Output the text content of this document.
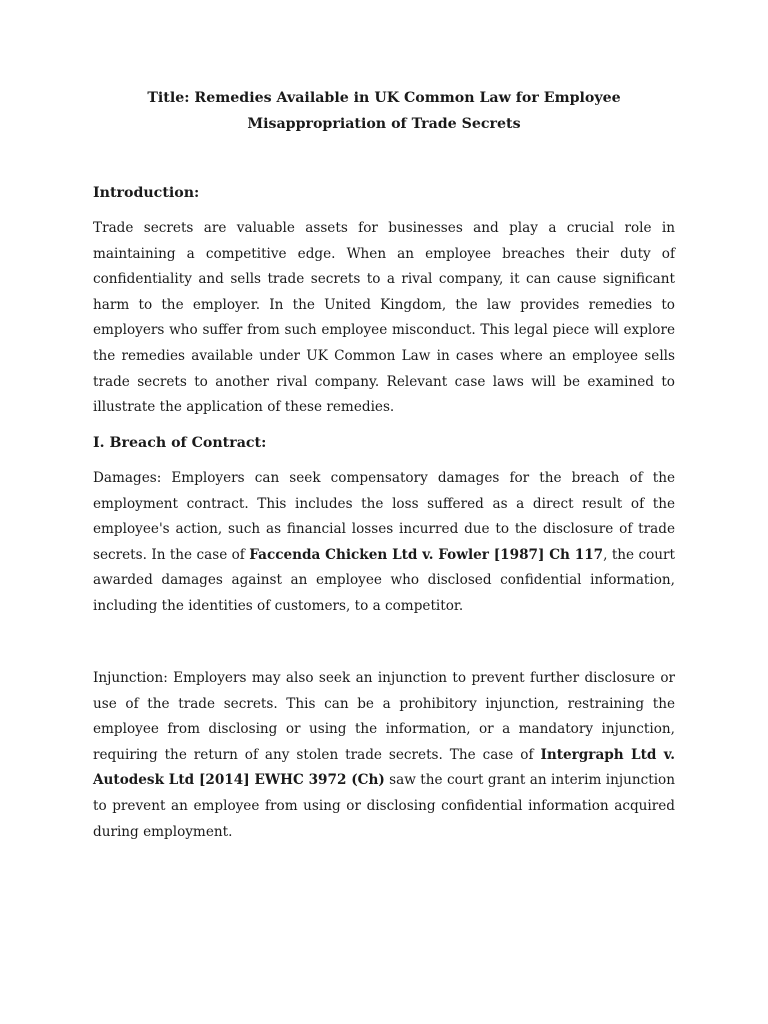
Title: Remedies Available in UK Common Law for Employee
Misappropriation of Trade Secrets
Introduction:
Trade secrets are valuable assets for businesses and play a crucial role in maintaining a competitive edge. When an employee breaches their duty of confidentiality and sells trade secrets to a rival company, it can cause significant harm to the employer. In the United Kingdom, the law provides remedies to employers who suffer from such employee misconduct. This legal piece will explore the remedies available under UK Common Law in cases where an employee sells trade secrets to another rival company. Relevant case laws will be examined to illustrate the application of these remedies.
I. Breach of Contract:
Damages: Employers can seek compensatory damages for the breach of the employment contract. This includes the loss suffered as a direct result of the employee's action, such as financial losses incurred due to the disclosure of trade secrets. In the case of Faccenda Chicken Ltd v. Fowler [1987] Ch 117, the court awarded damages against an employee who disclosed confidential information, including the identities of customers, to a competitor.
Injunction: Employers may also seek an injunction to prevent further disclosure or use of the trade secrets. This can be a prohibitory injunction, restraining the employee from disclosing or using the information, or a mandatory injunction, requiring the return of any stolen trade secrets. The case of Intergraph Ltd v. Autodesk Ltd [2014] EWHC 3972 (Ch) saw the court grant an interim injunction to prevent an employee from using or disclosing confidential information acquired during employment.
